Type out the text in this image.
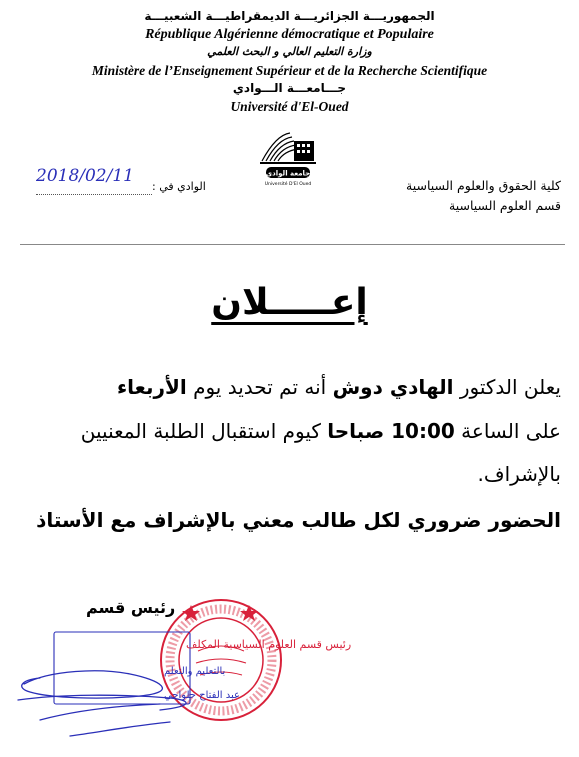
الجمهوريـــة الجزائريـــة الديمقراطيـــة الشعبيـــة
République Algérienne démocratique et Populaire
وزارة التعليم العالي و البحث العلمي
Ministère de l’Enseignement Supérieur et de la Recherche Scientifique
جـــامعـــة الـــوادي
Université d'El-Oued
جامعة الوادي
Université D'El Oued	كلية الحقوق والعلوم السياسية
قسم العلوم السياسية
الوادي في :
2018/02/11
إعـــــلان
يعلن الدكتور الهادي دوش أنه تم تحديد يوم الأربعاء
على الساعة 10:00 صباحا كيوم استقبال الطلبة المعنيين
بالإشراف.
الحضور ضروري لكل طالب معني بالإشراف مع الأستاذ
رئيس قسم العلوم السياسية المكلف
بالتعليم والتعلم
عبد الفتاح حلواجي
رئيس قسم
